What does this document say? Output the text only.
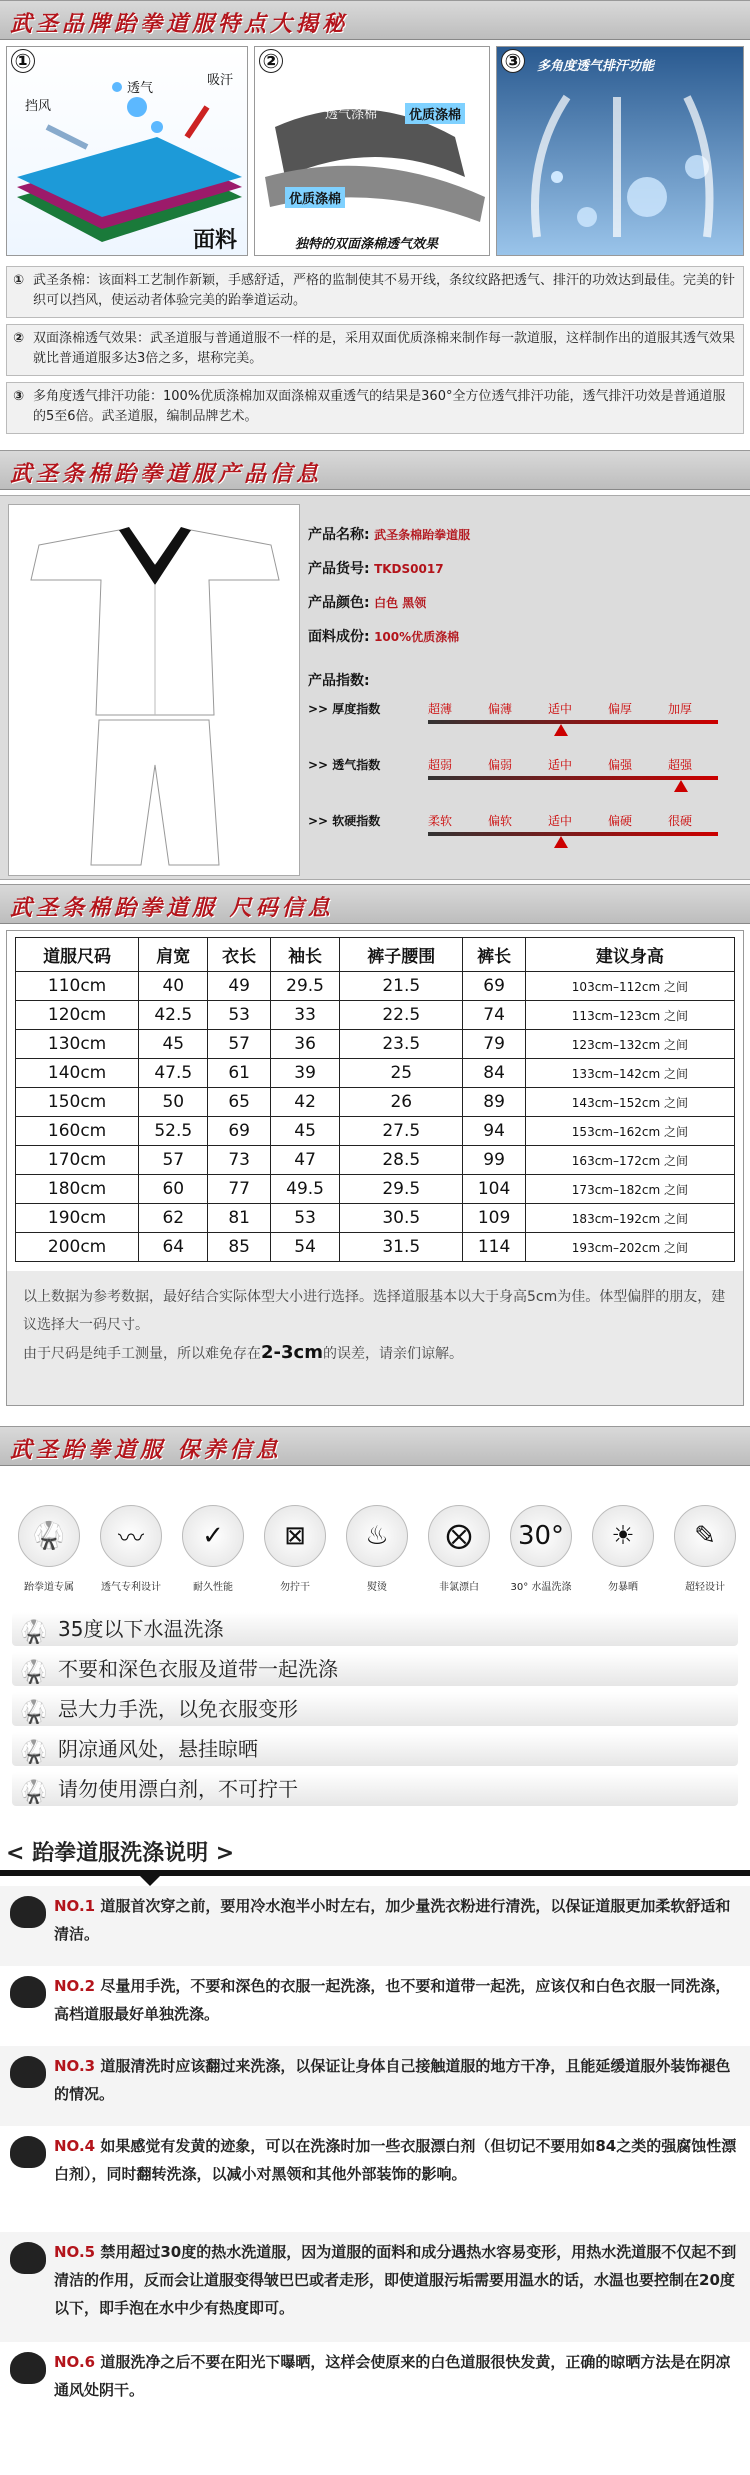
武圣品牌跆拳道服特点大揭秘
①
透气
吸汗
挡风
面料
②
透气涤棉	优质涤棉
优质涤棉
独特的双面涤棉透气效果
③ 多角度透气排汗功能
① 武圣条棉：该面料工艺制作新颖，手感舒适，严格的监制使其不易开线，条纹纹路把透气、排汗的功效达到最佳。完美的针织可以挡风，使运动者体验完美的跆拳道运动。
② 双面涤棉透气效果：武圣道服与普通道服不一样的是，采用双面优质涤棉来制作每一款道服，这样制作出的道服其透气效果就比普通道服多达3倍之多，堪称完美。
③ 多角度透气排汗功能：100%优质涤棉加双面涤棉双重透气的结果是360°全方位透气排汗功能，透气排汗功效是普通道服的5至6倍。武圣道服，编制品牌艺术。
武圣条棉跆拳道服产品信息
产品名称: 武圣条棉跆拳道服
产品货号: TKDS0017
产品颜色: 白色 黑领
面料成份: 100%优质涤棉
产品指数:
>> 厚度指数	超薄	偏薄	适中	偏厚	加厚
>> 透气指数	超弱	偏弱	适中	偏强	超强
>> 软硬指数	柔软	偏软	适中	偏硬	很硬
武圣条棉跆拳道服 尺码信息
道服尺码	肩宽	衣长	袖长	裤子腰围	裤长	建议身高
110cm	40	49	29.5	21.5	69	103cm–112cm 之间
120cm	42.5	53	33	22.5	74	113cm–123cm 之间
130cm	45	57	36	23.5	79	123cm–132cm 之间
140cm	47.5	61	39	25	84	133cm–142cm 之间
150cm	50	65	42	26	89	143cm–152cm 之间
160cm	52.5	69	45	27.5	94	153cm–162cm 之间
170cm	57	73	47	28.5	99	163cm–172cm 之间
180cm	60	77	49.5	29.5	104	173cm–182cm 之间
190cm	62	81	53	30.5	109	183cm–192cm 之间
200cm	64	85	54	31.5	114	193cm–202cm 之间
以上数据为参考数据，最好结合实际体型大小进行选择。选择道服基本以大于身高5cm为佳。体型偏胖的朋友，建议选择大一码尺寸。
由于尺码是纯手工测量，所以难免存在2-3cm的误差，请亲们谅解。
武圣跆拳道服 保养信息
🥋
跆拳道专属
〰
透气专利设计
✓
耐久性能
⊠
勿拧干
♨
熨烫
⨂
非氯漂白
30°
30° 水温洗涤
☀
勿暴晒
✎
超轻设计
🥋 35度以下水温洗涤
🥋 不要和深色衣服及道带一起洗涤
🥋 忌大力手洗，以免衣服变形
🥋 阴凉通风处，悬挂晾晒
🥋 请勿使用漂白剂，不可拧干
< 跆拳道服洗涤说明 >
NO.1 道服首次穿之前，要用冷水泡半小时左右，加少量洗衣粉进行清洗，以保证道服更加柔软舒适和清洁。
NO.2 尽量用手洗，不要和深色的衣服一起洗涤，也不要和道带一起洗，应该仅和白色衣服一同洗涤，高档道服最好单独洗涤。
NO.3 道服清洗时应该翻过来洗涤，以保证让身体自己接触道服的地方干净，且能延缓道服外装饰褪色的情况。
NO.4 如果感觉有发黄的迹象，可以在洗涤时加一些衣服漂白剂（但切记不要用如84之类的强腐蚀性漂白剂），同时翻转洗涤，以减小对黑领和其他外部装饰的影响。
NO.5 禁用超过30度的热水洗道服，因为道服的面料和成分遇热水容易变形，用热水洗道服不仅起不到清洁的作用，反而会让道服变得皱巴巴或者走形，即使道服污垢需要用温水的话，水温也要控制在20度以下，即手泡在水中少有热度即可。
NO.6 道服洗净之后不要在阳光下曝晒，这样会使原来的白色道服很快发黄，正确的晾晒方法是在阴凉通风处阴干。
